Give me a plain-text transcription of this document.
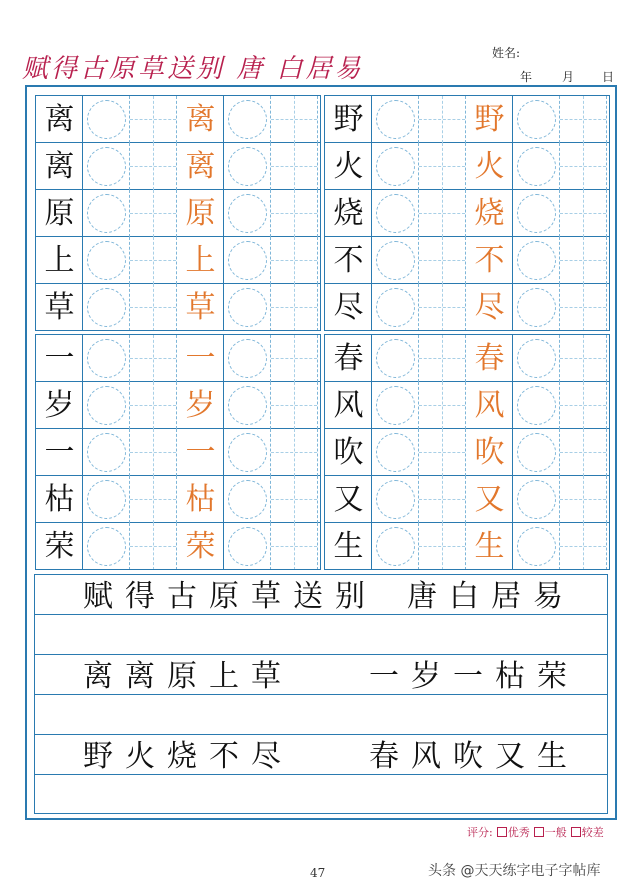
赋得古原草送别 唐 白居易
姓名:
年 月 日
赋得古原草送别 唐白居易
离离原上草	一岁一枯荣
野火烧不尽	春风吹又生
离	离
离	离
原	原
上	上
草	草
野	野
火	火
烧	烧
不	不
尽	尽
一	一
岁	岁
一	一
枯	枯
荣	荣
春	春
风	风
吹	吹
又	又
生	生
评分: 优秀 一般 较差
47	头条 @天天练字电子字帖库
